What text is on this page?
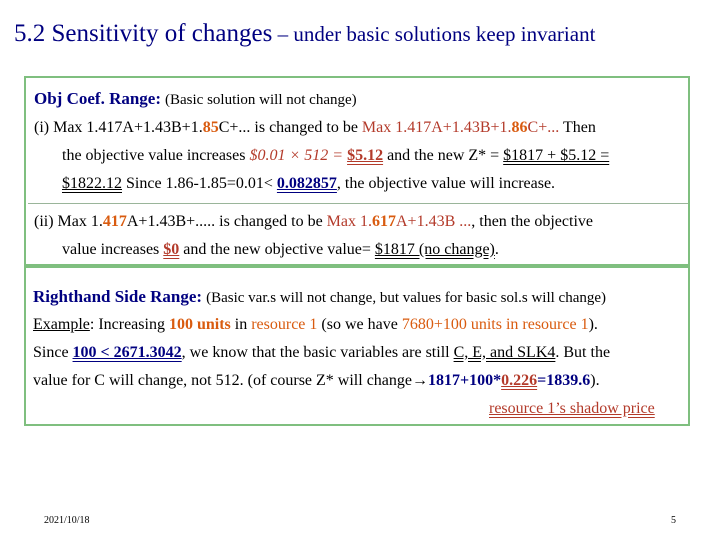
5.2 Sensitivity of changes – under basic solutions keep invariant
Obj Coef. Range: (Basic solution will not change)
(i) Max 1.417A+1.43B+1.85C+... is changed to be Max 1.417A+1.43B+1.86C+... Then
the objective value increases $0.01 × 512 = $5.12 and the new Z* = $1817 + $5.12 =
$1822.12 Since 1.86-1.85=0.01< 0.082857, the objective value will increase.
(ii) Max 1.417A+1.43B+..... is changed to be Max 1.617A+1.43B ..., then the objective
value increases $0 and the new objective value= $1817 (no change).
Righthand Side Range: (Basic var.s will not change, but values for basic sol.s will change)
Example: Increasing 100 units in resource 1 (so we have 7680+100 units in resource 1).
Since 100 < 2671.3042, we know that the basic variables are still C, E, and SLK4. But the
value for C will change, not 512. (of course Z* will change→1817+100*0.226=1839.6).
resource 1’s shadow price
2021/10/18	5
